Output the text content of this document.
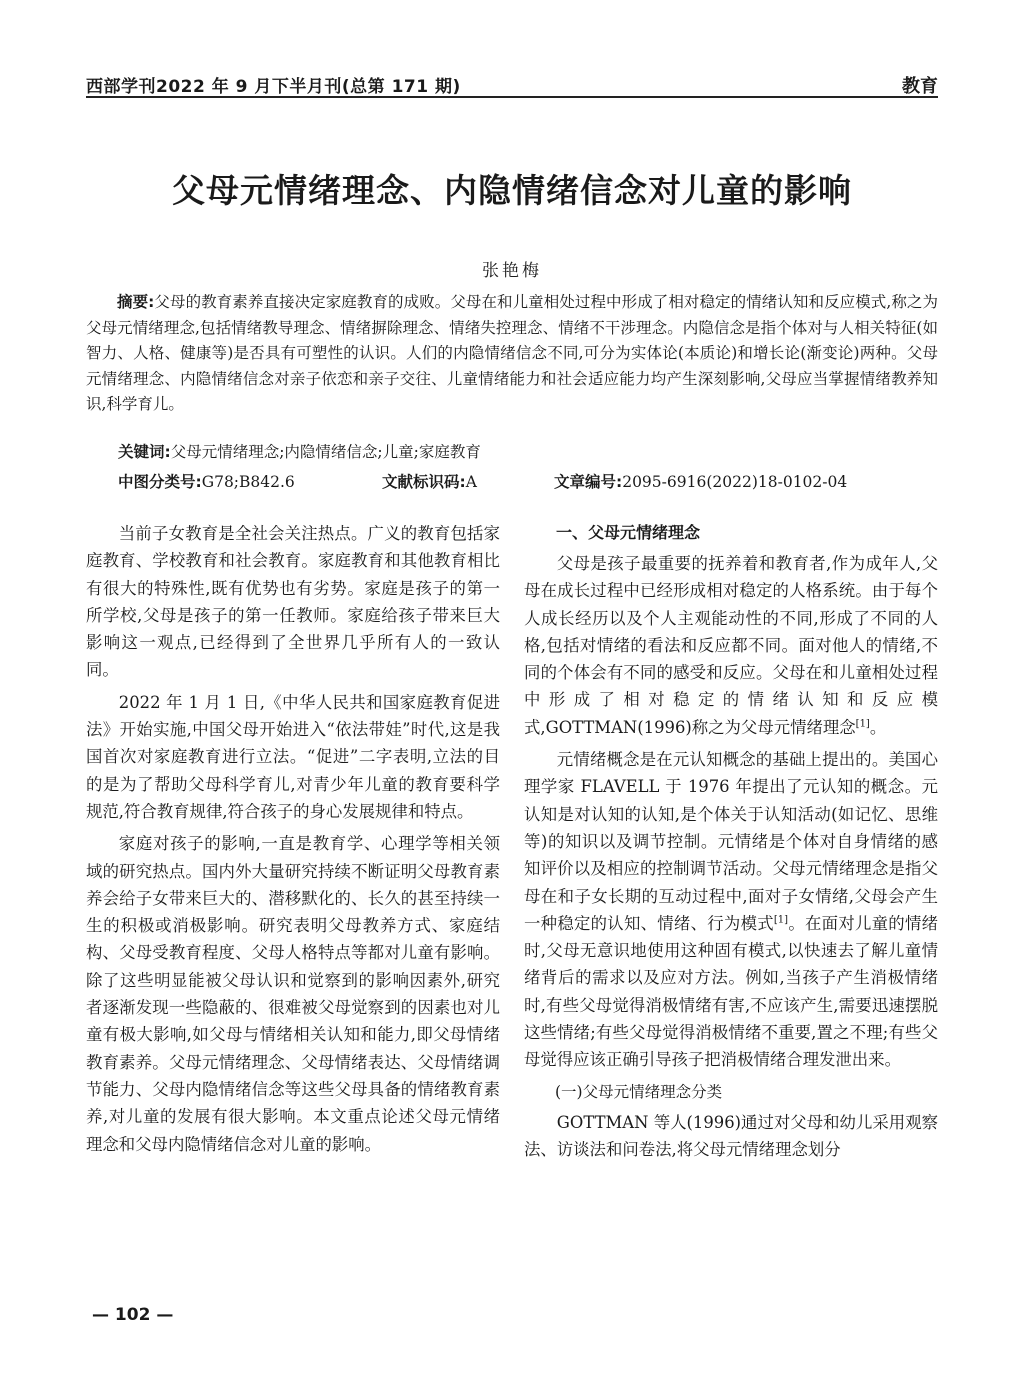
西部学刊2022 年 9 月下半月刊(总第 171 期)	教育
父母元情绪理念、内隐情绪信念对儿童的影响
张艳梅

摘要:父母的教育素养直接决定家庭教育的成败。父母在和儿童相处过程中形成了相对稳定的情绪认知和反应模式,称之为父母元情绪理念,包括情绪教导理念、情绪摒除理念、情绪失控理念、情绪不干涉理念。内隐信念是指个体对与人相关特征(如智力、人格、健康等)是否具有可塑性的认识。人们的内隐情绪信念不同,可分为实体论(本质论)和增长论(渐变论)两种。父母元情绪理念、内隐情绪信念对亲子依恋和亲子交往、儿童情绪能力和社会适应能力均产生深刻影响,父母应当掌握情绪教养知识,科学育儿。

关键词:父母元情绪理念;内隐情绪信念;儿童;家庭教育
中图分类号:G78;B842.6	文献标识码:A	文章编号:2095-6916(2022)18-0102-04

当前子女教育是全社会关注热点。广义的教育包括家庭教育、学校教育和社会教育。家庭教育和其他教育相比有很大的特殊性,既有优势也有劣势。家庭是孩子的第一所学校,父母是孩子的第一任教师。家庭给孩子带来巨大影响这一观点,已经得到了全世界几乎所有人的一致认同。

2022 年 1 月 1 日,《中华人民共和国家庭教育促进法》开始实施,中国父母开始进入“依法带娃”时代,这是我国首次对家庭教育进行立法。“促进”二字表明,立法的目的是为了帮助父母科学育儿,对青少年儿童的教育要科学规范,符合教育规律,符合孩子的身心发展规律和特点。

家庭对孩子的影响,一直是教育学、心理学等相关领域的研究热点。国内外大量研究持续不断证明父母教育素养会给子女带来巨大的、潜移默化的、长久的甚至持续一生的积极或消极影响。研究表明父母教养方式、家庭结构、父母受教育程度、父母人格特点等都对儿童有影响。除了这些明显能被父母认识和觉察到的影响因素外,研究者逐渐发现一些隐蔽的、很难被父母觉察到的因素也对儿童有极大影响,如父母与情绪相关认知和能力,即父母情绪教育素养。父母元情绪理念、父母情绪表达、父母情绪调节能力、父母内隐情绪信念等这些父母具备的情绪教育素养,对儿童的发展有很大影响。本文重点论述父母元情绪理念和父母内隐情绪信念对儿童的影响。

一、父母元情绪理念

父母是孩子最重要的抚养着和教育者,作为成年人,父母在成长过程中已经形成相对稳定的人格系统。由于每个人成长经历以及个人主观能动性的不同,形成了不同的人格,包括对情绪的看法和反应都不同。面对他人的情绪,不同的个体会有不同的感受和反应。父母在和儿童相处过程中形成了相对稳定的情绪认知和反应模式,GOTTMAN(1996)称之为父母元情绪理念[1]。

元情绪概念是在元认知概念的基础上提出的。美国心理学家 FLAVELL 于 1976 年提出了元认知的概念。元认知是对认知的认知,是个体关于认知活动(如记忆、思维等)的知识以及调节控制。元情绪是个体对自身情绪的感知评价以及相应的控制调节活动。父母元情绪理念是指父母在和子女长期的互动过程中,面对子女情绪,父母会产生一种稳定的认知、情绪、行为模式[1]。在面对儿童的情绪时,父母无意识地使用这种固有模式,以快速去了解儿童情绪背后的需求以及应对方法。例如,当孩子产生消极情绪时,有些父母觉得消极情绪有害,不应该产生,需要迅速摆脱这些情绪;有些父母觉得消极情绪不重要,置之不理;有些父母觉得应该正确引导孩子把消极情绪合理发泄出来。

(一)父母元情绪理念分类

GOTTMAN 等人(1996)通过对父母和幼儿采用观察法、访谈法和问卷法,将父母元情绪理念划分

— 102 —
